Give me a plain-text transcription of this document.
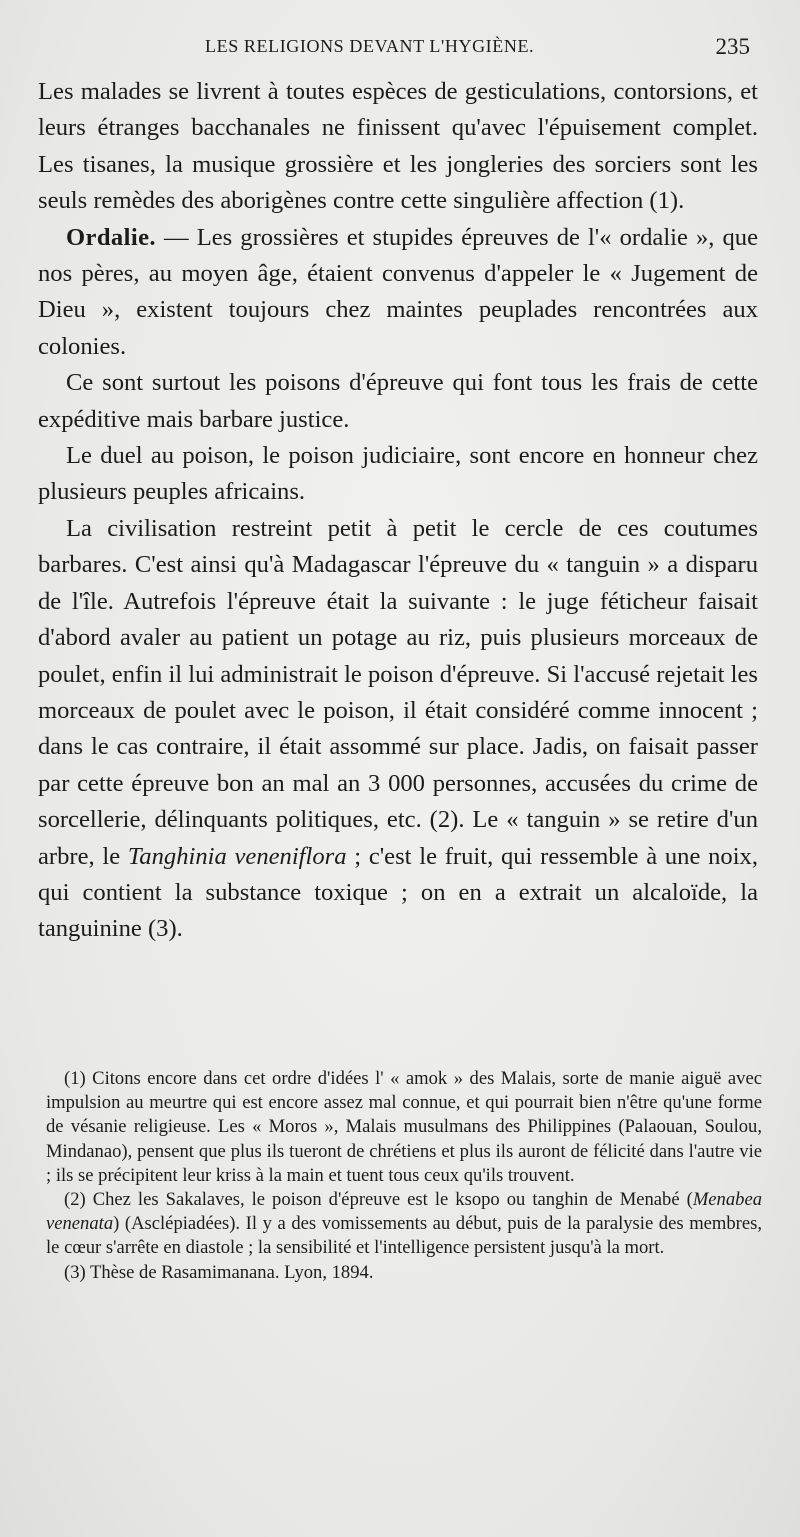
LES RELIGIONS DEVANT L'HYGIÈNE.	235

Les malades se livrent à toutes espèces de gesticulations, contorsions, et leurs étranges bacchanales ne finissent qu'avec l'épuisement complet. Les tisanes, la musique grossière et les jongleries des sorciers sont les seuls remèdes des aborigènes contre cette singulière affection (1).

Ordalie. — Les grossières et stupides épreuves de l'« ordalie », que nos pères, au moyen âge, étaient convenus d'appeler le « Jugement de Dieu », existent toujours chez maintes peuplades rencontrées aux colonies.

Ce sont surtout les poisons d'épreuve qui font tous les frais de cette expéditive mais barbare justice.

Le duel au poison, le poison judiciaire, sont encore en honneur chez plusieurs peuples africains.

La civilisation restreint petit à petit le cercle de ces coutumes barbares. C'est ainsi qu'à Madagascar l'épreuve du « tanguin » a disparu de l'île. Autrefois l'épreuve était la suivante : le juge féticheur faisait d'abord avaler au patient un potage au riz, puis plusieurs morceaux de poulet, enfin il lui administrait le poison d'épreuve. Si l'accusé rejetait les morceaux de poulet avec le poison, il était considéré comme innocent ; dans le cas contraire, il était assommé sur place. Jadis, on faisait passer par cette épreuve bon an mal an 3 000 personnes, accusées du crime de sorcellerie, délinquants politiques, etc. (2). Le « tanguin » se retire d'un arbre, le Tanghinia veneniflora ; c'est le fruit, qui ressemble à une noix, qui contient la substance toxique ; on en a extrait un alcaloïde, la tanguinine (3).

(1) Citons encore dans cet ordre d'idées l' « amok » des Malais, sorte de manie aiguë avec impulsion au meurtre qui est encore assez mal connue, et qui pourrait bien n'être qu'une forme de vésanie religieuse. Les « Moros », Malais musulmans des Philippines (Palaouan, Soulou, Mindanao), pensent que plus ils tueront de chrétiens et plus ils auront de félicité dans l'autre vie ; ils se précipitent leur kriss à la main et tuent tous ceux qu'ils trouvent.

(2) Chez les Sakalaves, le poison d'épreuve est le ksopo ou tanghin de Menabé (Menabea venenata) (Asclépiadées). Il y a des vomissements au début, puis de la paralysie des membres, le cœur s'arrête en diastole ; la sensibilité et l'intelligence persistent jusqu'à la mort.

(3) Thèse de Rasamimanana. Lyon, 1894.
